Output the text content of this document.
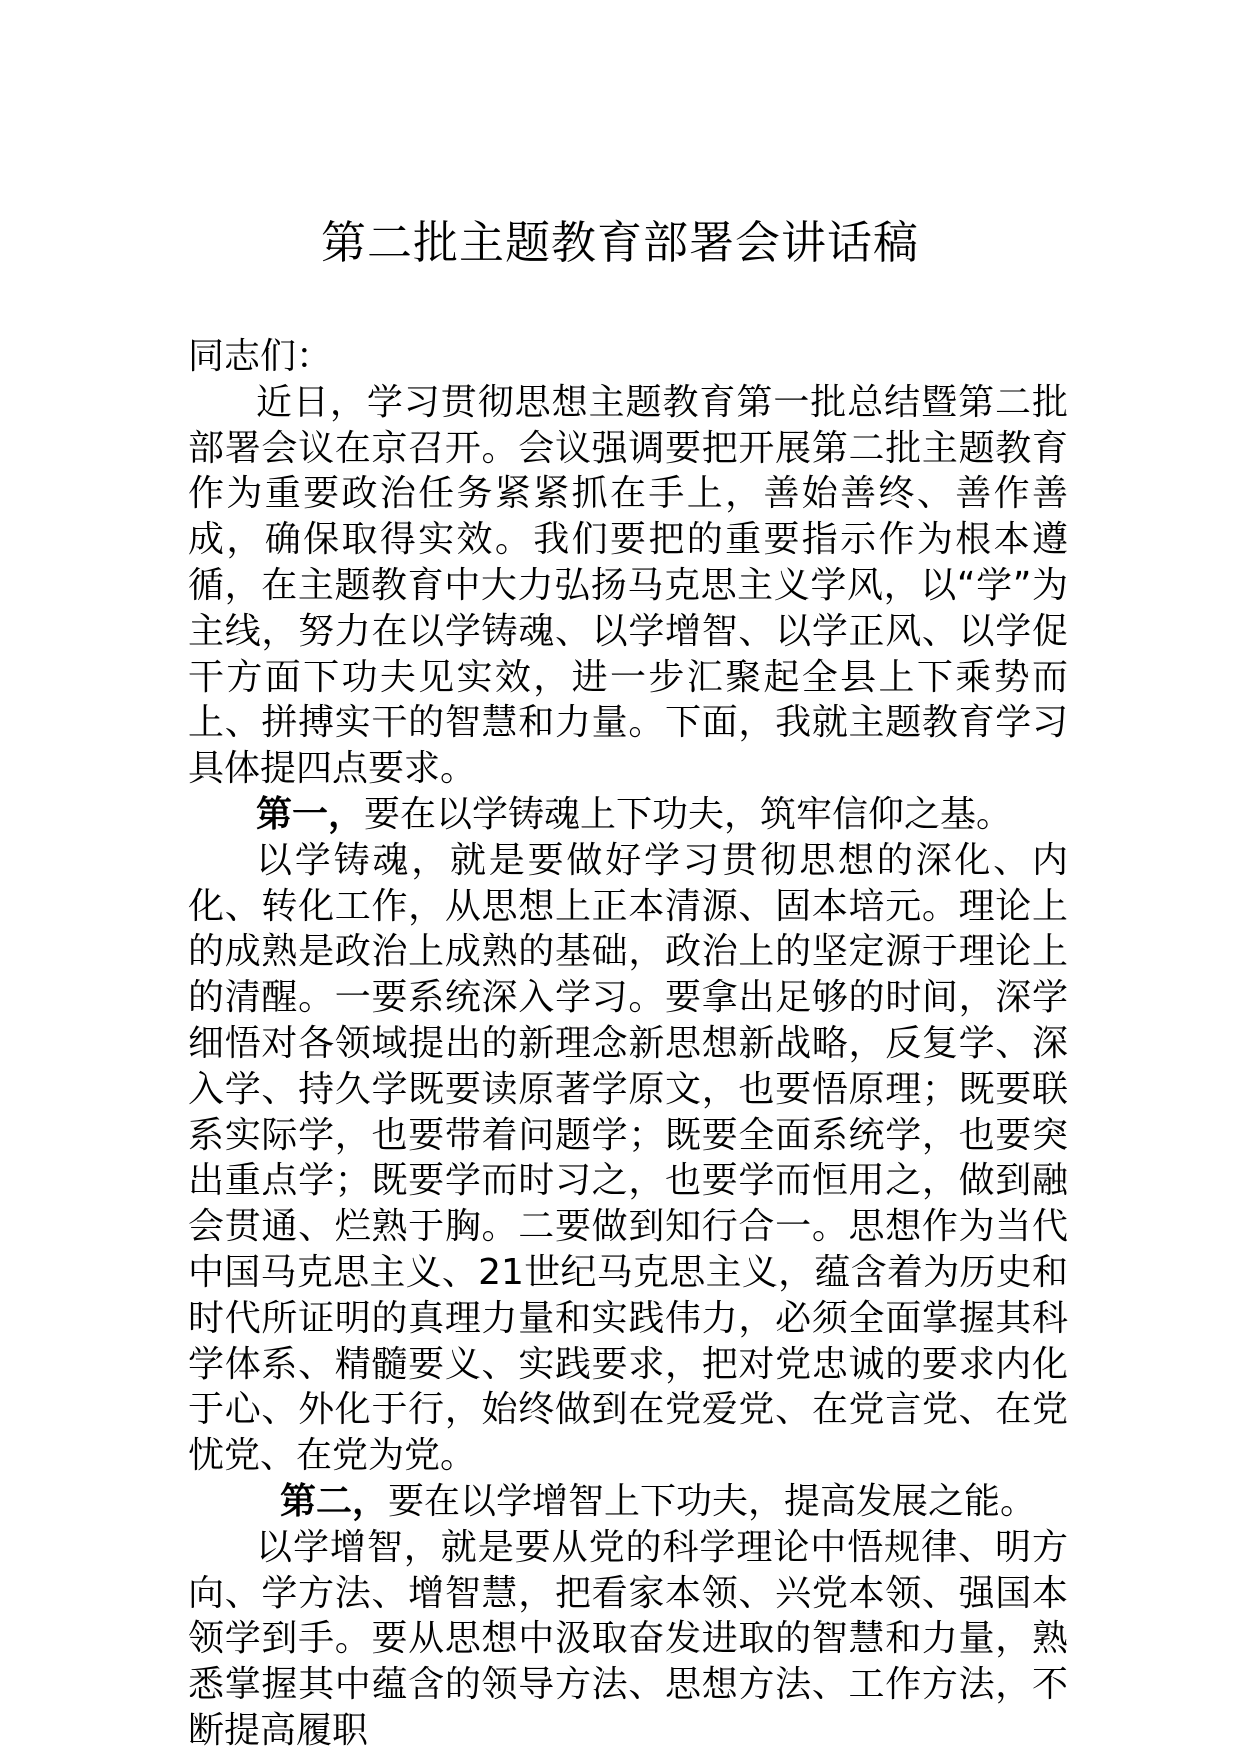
第二批主题教育部署会讲话稿

同志们：

近日，学习贯彻思想主题教育第一批总结暨第二批部署会议在京召开。会议强调要把开展第二批主题教育作为重要政治任务紧紧抓在手上，善始善终、善作善成，确保取得实效。我们要把的重要指示作为根本遵循，在主题教育中大力弘扬马克思主义学风，以“学”为主线，努力在以学铸魂、以学增智、以学正风、以学促干方面下功夫见实效，进一步汇聚起全县上下乘势而上、拼搏实干的智慧和力量。下面，我就主题教育学习具体提四点要求。

第一，要在以学铸魂上下功夫，筑牢信仰之基。

以学铸魂，就是要做好学习贯彻思想的深化、内化、转化工作，从思想上正本清源、固本培元。理论上的成熟是政治上成熟的基础，政治上的坚定源于理论上的清醒。一要系统深入学习。要拿出足够的时间，深学细悟对各领域提出的新理念新思想新战略，反复学、深入学、持久学既要读原著学原文，也要悟原理；既要联系实际学，也要带着问题学；既要全面系统学，也要突出重点学；既要学而时习之，也要学而恒用之，做到融会贯通、烂熟于胸。二要做到知行合一。思想作为当代中国马克思主义、21世纪马克思主义，蕴含着为历史和时代所证明的真理力量和实践伟力，必须全面掌握其科学体系、精髓要义、实践要求，把对党忠诚的要求内化于心、外化于行，始终做到在党爱党、在党言党、在党忧党、在党为党。

第二，要在以学增智上下功夫，提高发展之能。

以学增智，就是要从党的科学理论中悟规律、明方向、学方法、增智慧，把看家本领、兴党本领、强国本领学到手。要从思想中汲取奋发进取的智慧和力量，熟悉掌握其中蕴含的领导方法、思想方法、工作方法，不断提高履职
